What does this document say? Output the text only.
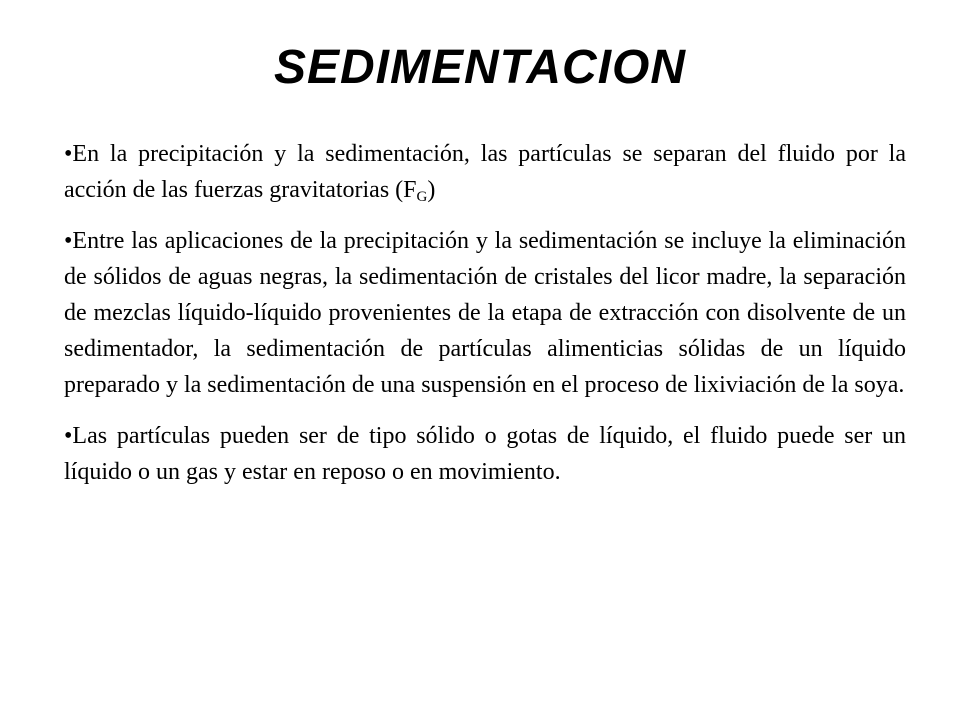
SEDIMENTACION

•En la precipitación y la sedimentación, las partículas se separan del fluido por la acción de las fuerzas gravitatorias $(F_G)$

•Entre las aplicaciones de la precipitación y la sedimentación se incluye la eliminación de sólidos de aguas negras, la sedimentación de cristales del licor madre, la separación de mezclas líquido-líquido provenientes de la etapa de extracción con disolvente de un sedimentador, la sedimentación de partículas alimenticias sólidas de un líquido preparado y la sedimentación de una suspensión en el proceso de lixiviación de la soya.

•Las partículas pueden ser de tipo sólido o gotas de líquido, el fluido puede ser un líquido o un gas y estar en reposo o en movimiento.
